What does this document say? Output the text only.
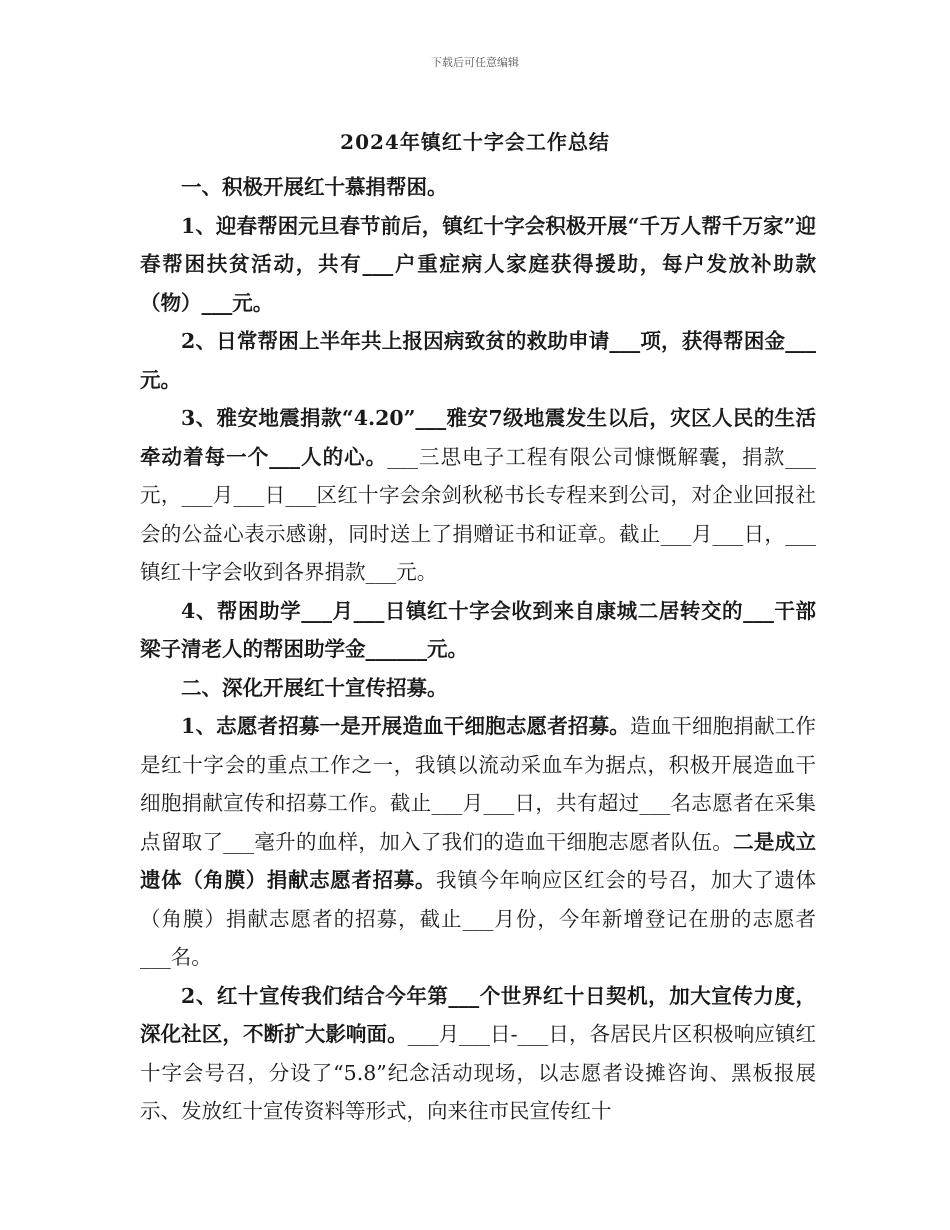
下载后可任意编辑
2024年镇红十字会工作总结

一、积极开展红十慕捐帮困。

1、迎春帮困元旦春节前后，镇红十字会积极开展“千万人帮千万家”迎春帮困扶贫活动，共有___户重症病人家庭获得援助，每户发放补助款（物）___元。

2、日常帮困上半年共上报因病致贫的救助申请___项，获得帮困金___元。

3、雅安地震捐款“4.20”___雅安7级地震发生以后，灾区人民的生活牵动着每一个___人的心。___三思电子工程有限公司慷慨解囊，捐款___元，___月___日___区红十字会余剑秋秘书长专程来到公司，对企业回报社会的公益心表示感谢，同时送上了捐赠证书和证章。截止___月___日，___镇红十字会收到各界捐款___元。

4、帮困助学___月___日镇红十字会收到来自康城二居转交的___干部梁子清老人的帮困助学金______元。

二、深化开展红十宣传招募。

1、志愿者招募一是开展造血干细胞志愿者招募。造血干细胞捐献工作是红十字会的重点工作之一，我镇以流动采血车为据点，积极开展造血干细胞捐献宣传和招募工作。截止___月___日，共有超过___名志愿者在采集点留取了___毫升的血样，加入了我们的造血干细胞志愿者队伍。二是成立遗体（角膜）捐献志愿者招募。我镇今年响应区红会的号召，加大了遗体（角膜）捐献志愿者的招募，截止___月份，今年新增登记在册的志愿者___名。

2、红十宣传我们结合今年第___个世界红十日契机，加大宣传力度，深化社区，不断扩大影响面。___月___日-___日，各居民片区积极响应镇红十字会号召，分设了“5.8”纪念活动现场，以志愿者设摊咨询、黑板报展示、发放红十宣传资料等形式，向来往市民宣传红十
